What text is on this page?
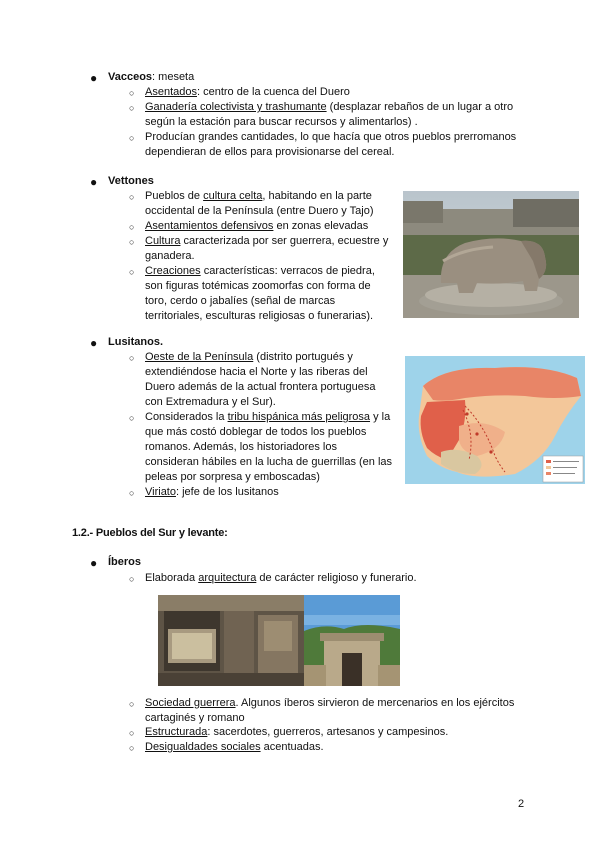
● Vacceos: meseta
○ Asentados: centro de la cuenca del Duero
○ Ganadería colectivista y trashumante (desplazar rebaños de un lugar a otro
según la estación para buscar recursos y alimentarlos) .
○ Producían grandes cantidades, lo que hacía que otros pueblos prerromanos
dependieran de ellos para provisionarse del cereal.
● Vettones
○ Pueblos de cultura celta, habitando en la parte
occidental de la Península (entre Duero y Tajo)
○ Asentamientos defensivos en zonas elevadas
○ Cultura caracterizada por ser guerrera, ecuestre y
ganadera.
○ Creaciones características: verracos de piedra,
son figuras totémicas zoomorfas con forma de
toro, cerdo o jabalíes (señal de marcas
territoriales, esculturas religiosas o funerarias).
● Lusitanos.
○ Oeste de la Península (distrito portugués y
extendiéndose hacia el Norte y las riberas del
Duero además de la actual frontera portuguesa
con Extremadura y el Sur).
○ Considerados la tribu hispánica más peligrosa y la
que más costó doblegar de todos los pueblos
romanos. Además, los historiadores los
consideran hábiles en la lucha de guerrillas (en las
peleas por sorpresa y emboscadas)
○ Viriato: jefe de los lusitanos
1.2.- Pueblos del Sur y levante:
● Íberos
○ Elaborada arquitectura de carácter religioso y funerario.
○ Sociedad guerrera. Algunos íberos sirvieron de mercenarios en los ejércitos
cartaginés y romano
○ Estructurada: sacerdotes, guerreros, artesanos y campesinos.
○ Desigualdades sociales acentuadas.
2
